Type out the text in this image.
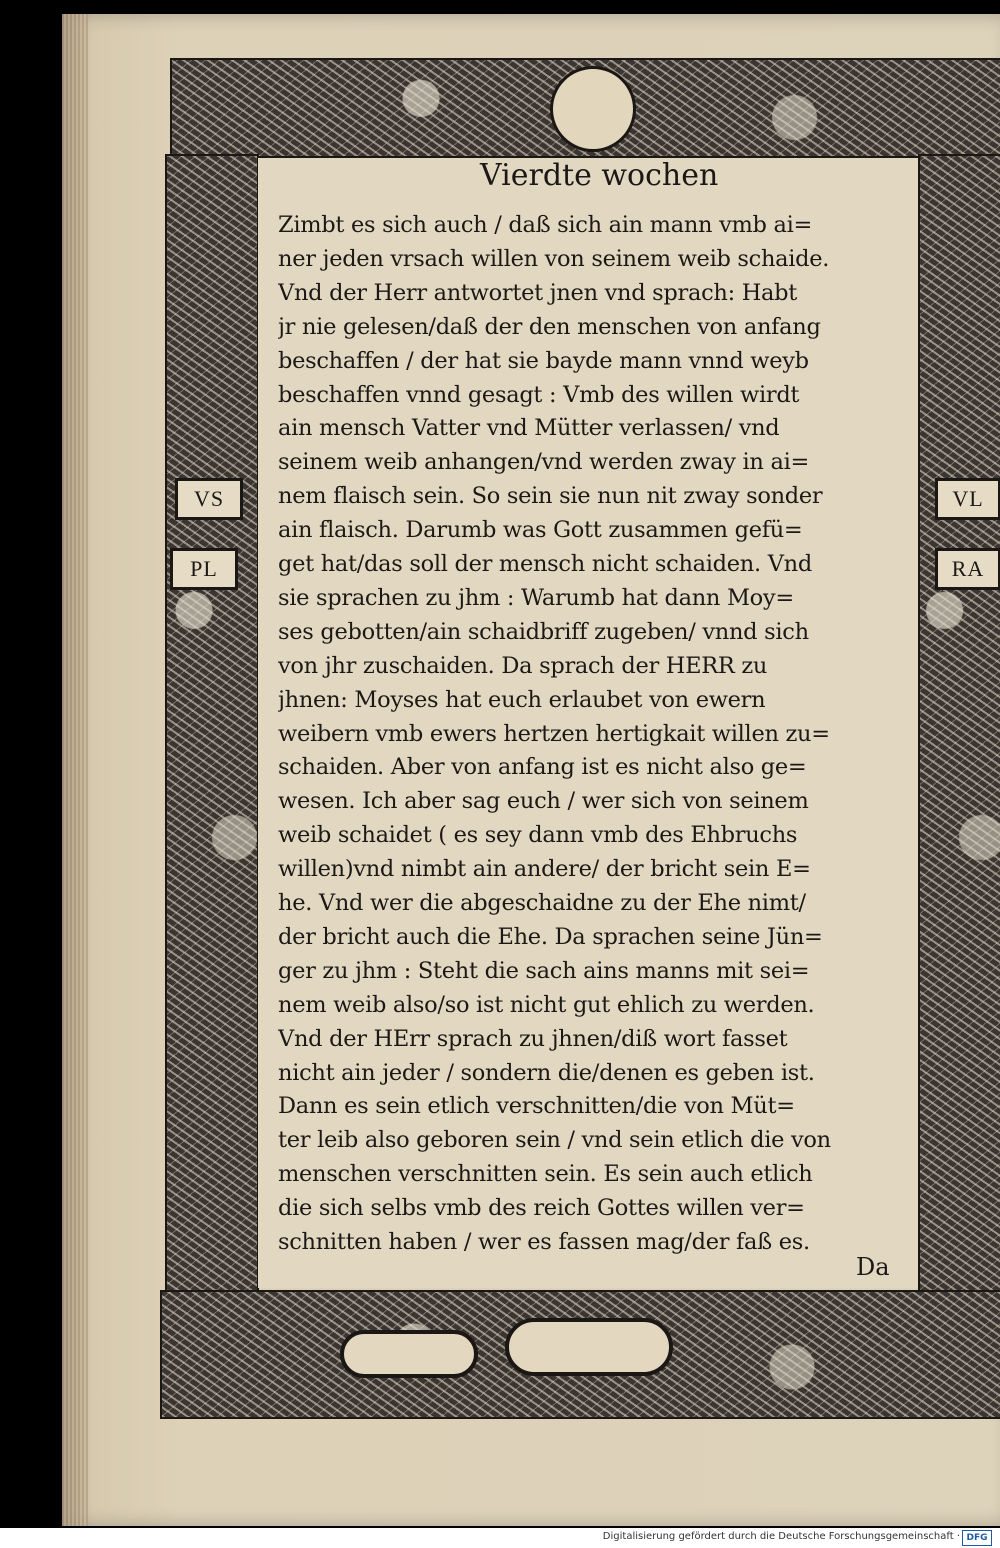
VS
PL
VL
RA
Vierdte wochen
Zimbt es sich auch / daß sich ain mann vmb ai=
ner jeden vrsach willen von seinem weib schaide.
Vnd der Herr antwortet jnen vnd sprach: Habt
jr nie gelesen/daß der den menschen von anfang
beschaffen / der hat sie bayde mann vnnd weyb
beschaffen vnnd gesagt : Vmb des willen wirdt
ain mensch Vatter vnd Mütter verlassen/ vnd
seinem weib anhangen/vnd werden zway in ai=
nem flaisch sein. So sein sie nun nit zway sonder
ain flaisch. Darumb was Gott zusammen gefü=
get hat/das soll der mensch nicht schaiden. Vnd
sie sprachen zu jhm : Warumb hat dann Moy=
ses gebotten/ain schaidbriff zugeben/ vnnd sich
von jhr zuschaiden. Da sprach der HERR zu
jhnen: Moyses hat euch erlaubet von ewern
weibern vmb ewers hertzen hertigkait willen zu=
schaiden. Aber von anfang ist es nicht also ge=
wesen. Ich aber sag euch / wer sich von seinem
weib schaidet ( es sey dann vmb des Ehbruchs
willen)vnd nimbt ain andere/ der bricht sein E=
he. Vnd wer die abgeschaidne zu der Ehe nimt/
der bricht auch die Ehe. Da sprachen seine Jün=
ger zu jhm : Steht die sach ains manns mit sei=
nem weib also/so ist nicht gut ehlich zu werden.
Vnd der HErr sprach zu jhnen/diß wort fasset
nicht ain jeder / sondern die/denen es geben ist.
Dann es sein etlich verschnitten/die von Müt=
ter leib also geboren sein / vnd sein etlich die von
menschen verschnitten sein. Es sein auch etlich
die sich selbs vmb des reich Gottes willen ver=
schnitten haben / wer es fassen mag/der faß es.
Da
Digitalisierung gefördert durch die Deutsche Forschungsgemeinschaft · DFG
